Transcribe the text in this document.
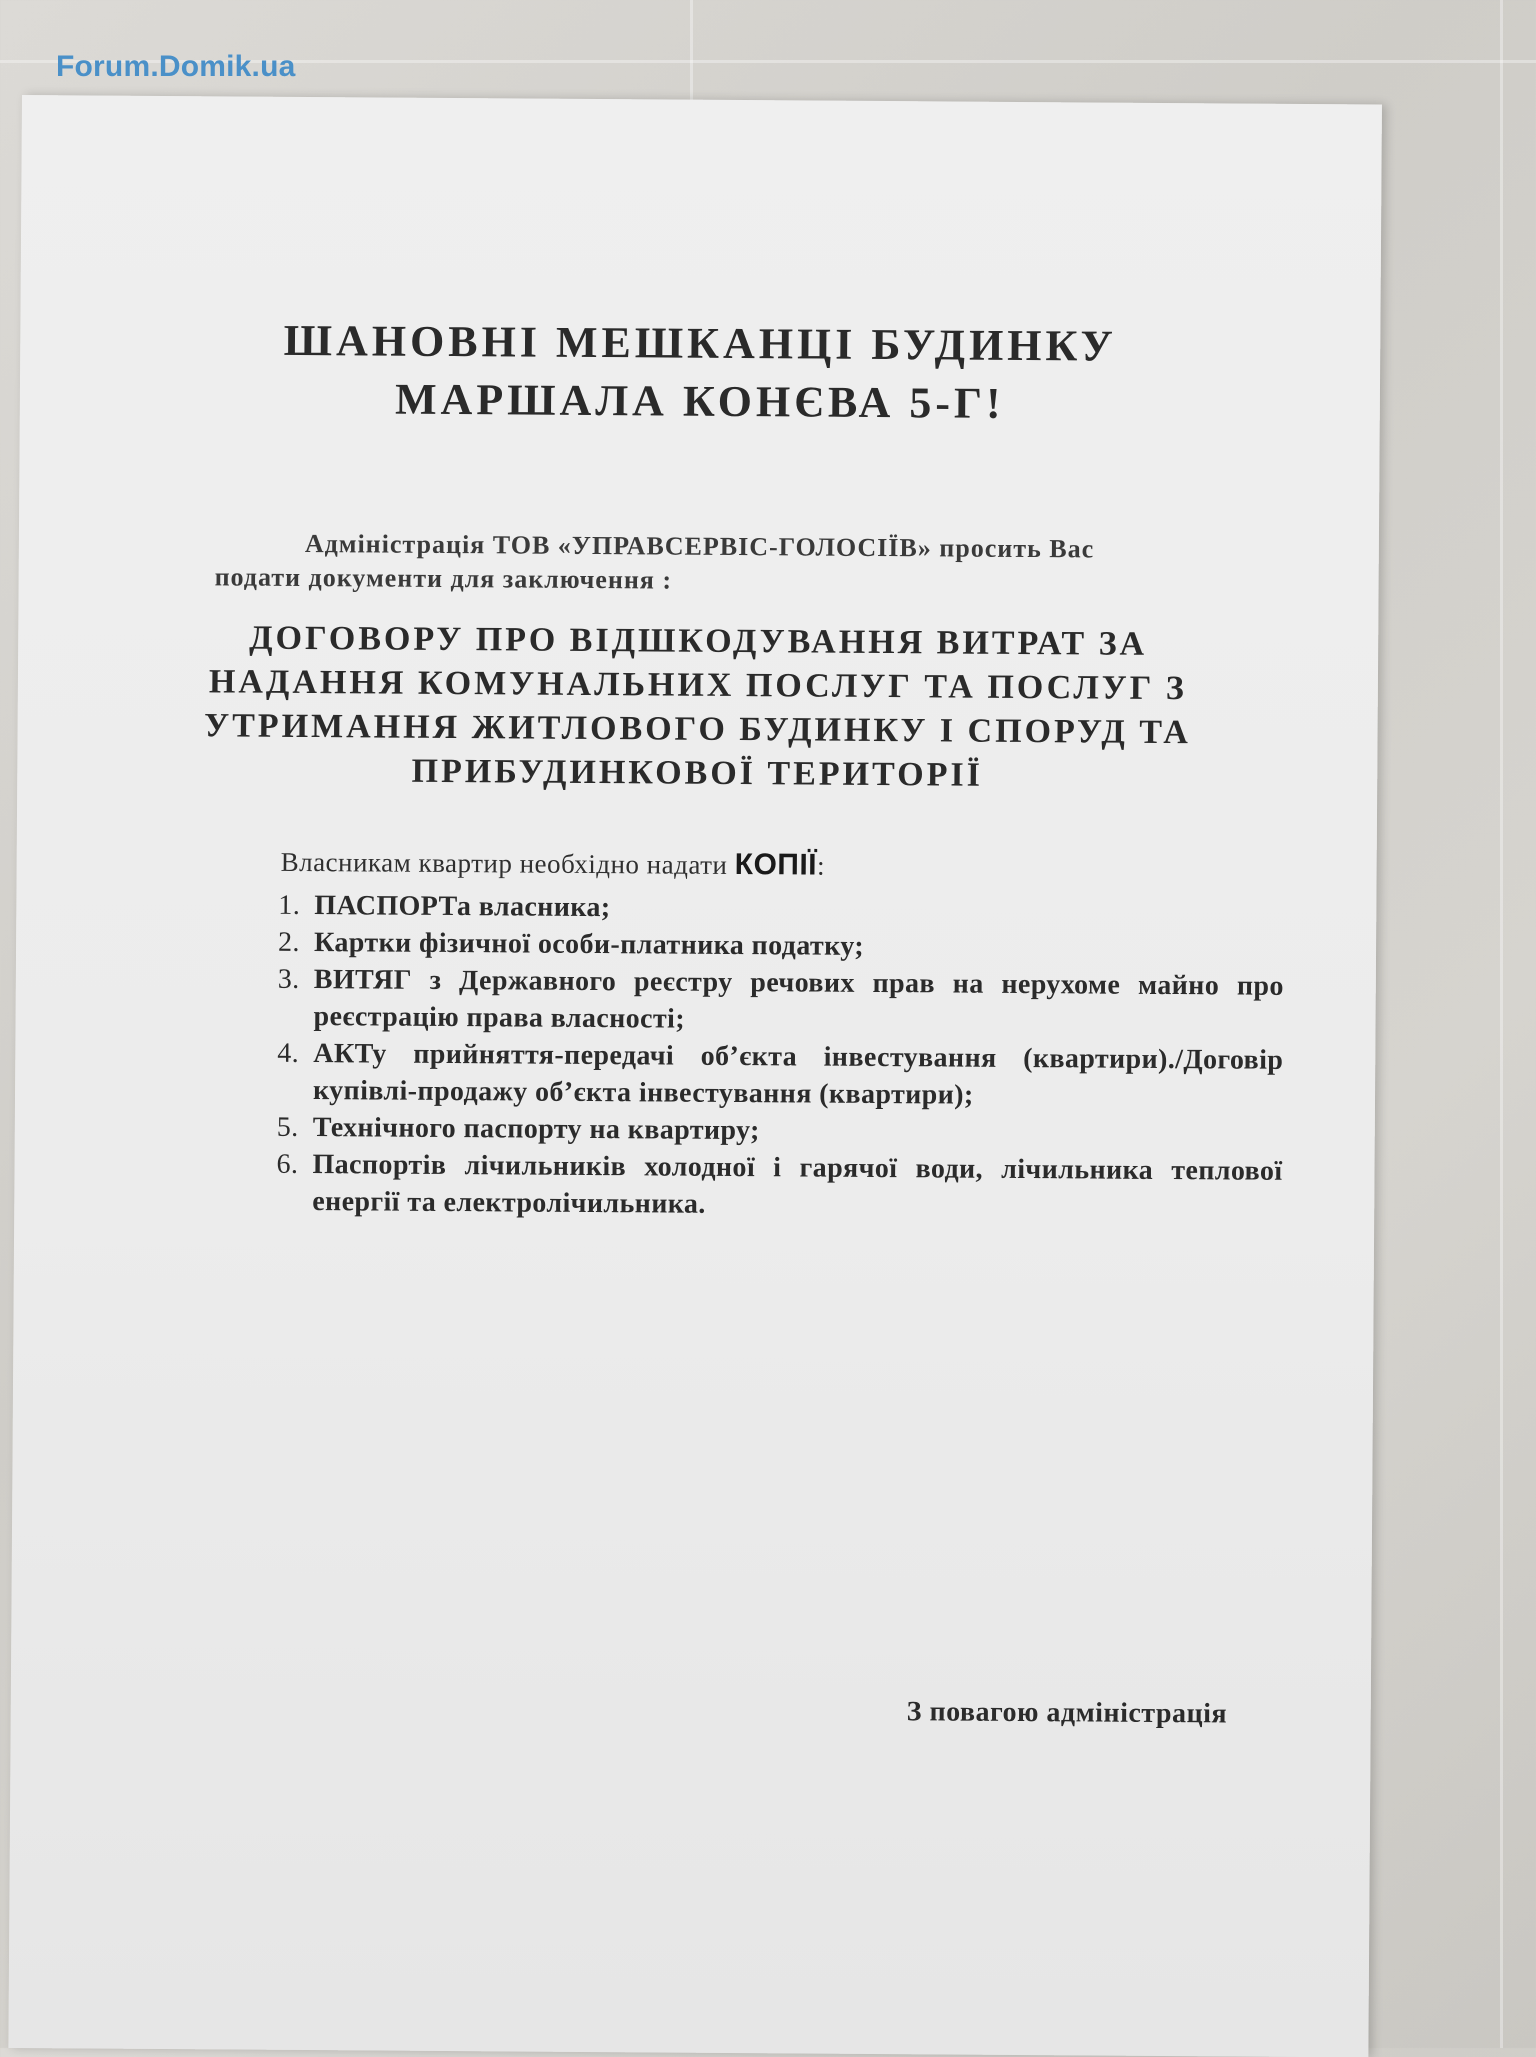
Forum.Domik.ua

ШАНОВНІ МЕШКАНЦІ БУДИНКУ
МАРШАЛА КОНЄВА 5-Г!
Адміністрація ТОВ «УПРАВСЕРВІС-ГОЛОСІЇВ» просить Вас
подати документи для заключення :
ДОГОВОРУ ПРО ВІДШКОДУВАННЯ ВИТРАТ ЗА
НАДАННЯ КОМУНАЛЬНИХ ПОСЛУГ ТА ПОСЛУГ З
УТРИМАННЯ ЖИТЛОВОГО БУДИНКУ І СПОРУД ТА
ПРИБУДИНКОВОЇ ТЕРИТОРІЇ
Власникам квартир необхідно надати КОПІЇ:
1. ПАСПОРТа власника;
2. Картки фізичної особи-платника податку;
3. ВИТЯГ з Державного реєстру речових прав на нерухоме майно про реєстрацію права власності;
4. АКТу прийняття-передачі об’єкта інвестування (квартири)./Договір купівлі-продажу об’єкта інвестування (квартири);
5. Технічного паспорту на квартиру;
6. Паспортів лічильників холодної і гарячої води, лічильника теплової енергії та електролічильника.
З повагою адміністрація
